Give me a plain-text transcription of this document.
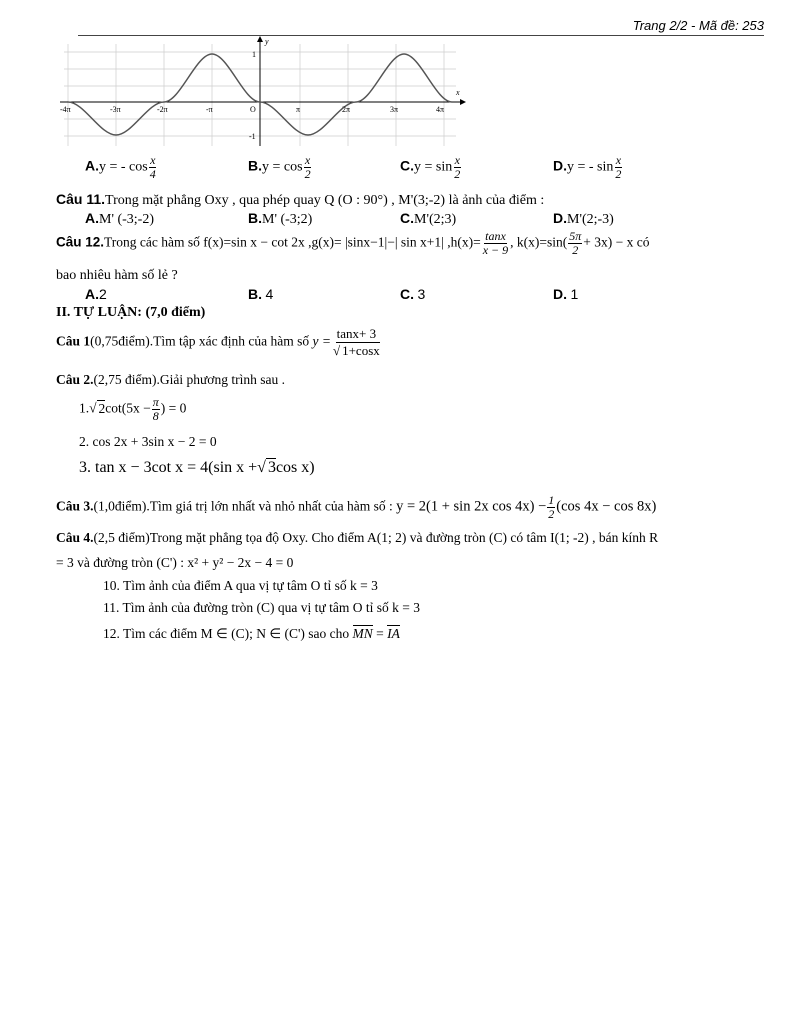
Trang 2/2 - Mã đề: 253
-4π	-3π	-2π	-π	O	π	2π	3π	4π
1
-1
x
y
A.y = - $\cos \frac{x}{4}$	$B.y = \cos \frac{x}{2}$	$C.y = \sin \frac{x}{2}$	D.y = - $\sin \frac{x}{2}$
Câu 11.Trong mặt phẳng Oxy , qua phép quay Q (O : 90°) , M'(3;-2) là ảnh của điểm :
A.M' (-3;-2)	B.M' (-3;2)	C.M'(2;3)	D.M'(2;-3)
Câu 12.Trong các hàm số f(x)=sin x − cot 2x ,g(x)= |sinx−1|−| sin x+1| $,h(x)= \frac{\tan x}{x - 9}$ , $k(x)=\sin( \frac{5\pi}{2} + 3x) - x$ có
bao nhiêu hàm số lẻ ?
A.2	B. 4	C. 3	D. 1
II. TỰ LUẬN: (7,0 điểm)
Câu 1(0,75điểm).Tìm tập xác định của hàm số $y = \frac{\tan x+ 3}{√ 1+\cos x}$
Câu 2.(2,75 điểm).Giải phương trình sau .
1.√ $2\cot(5x - \frac{\pi}{8}$ ) = 0
2. cos 2x + 3sin x − 2 = 0
3. tan x − 3cot x = 4(sin x +√ 3cos x)
Câu 3.(1,0điểm).Tìm giá trị lớn nhất và nhỏ nhất của hàm số : y = 2(1 + sin 2x $\cos 4x) - \frac{1}{2} (\cos$ 4x − cos 8x)
Câu 4.(2,5 điểm)Trong mặt phẳng tọa độ Oxy. Cho điểm A(1; 2) và đường tròn (C) có tâm I(1; -2) , bán kính R
= 3 và đường tròn (C') : x² + y² − 2x − 4 = 0
10. Tìm ảnh của điểm A qua vị tự tâm O tỉ số k = 3
11. Tìm ảnh của đường tròn (C) qua vị tự tâm O tỉ số k = 3
12. Tìm các điểm M ∈ (C); N ∈ (C') sao cho MN = IA
